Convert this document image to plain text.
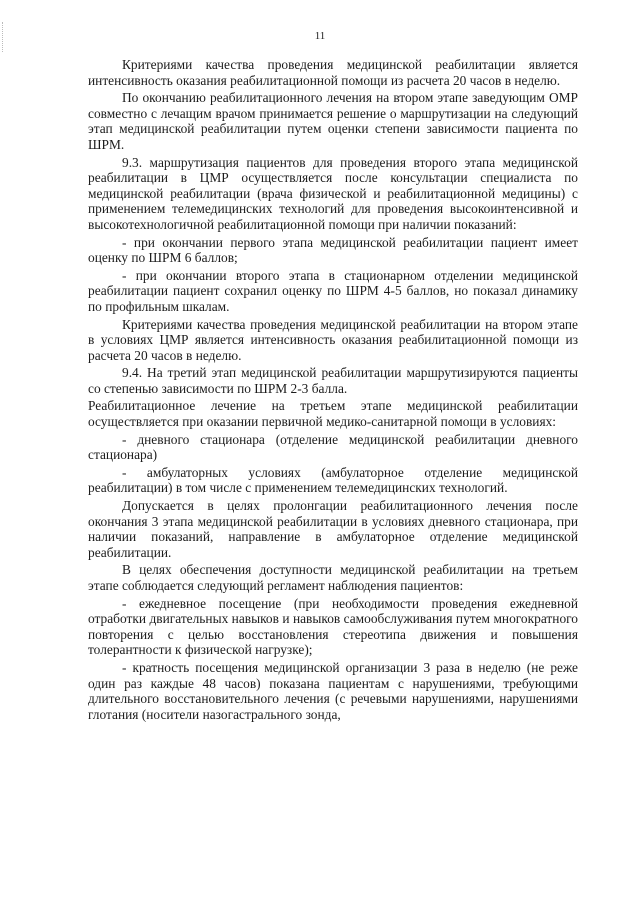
11

Критериями качества проведения медицинской реабилитации является интенсивность оказания реабилитационной помощи из расчета 20 часов в неделю.

По окончанию реабилитационного лечения на втором этапе заведующим ОМР совместно с лечащим врачом принимается решение о маршрутизации на следующий этап медицинской реабилитации путем оценки степени зависимости пациента по ШРМ.

9.3. маршрутизация пациентов для проведения второго этапа медицинской реабилитации в ЦМР осуществляется после консультации специалиста по медицинской реабилитации (врача физической и реабилитационной медицины) с применением телемедицинских технологий для проведения высокоинтенсивной и высокотехнологичной реабилитационной помощи при наличии показаний:

- при окончании первого этапа медицинской реабилитации пациент имеет оценку по ШРМ 6 баллов;

- при окончании второго этапа в стационарном отделении медицинской реабилитации пациент сохранил оценку по ШРМ 4-5 баллов, но показал динамику по профильным шкалам.

Критериями качества проведения медицинской реабилитации на втором этапе в условиях ЦМР является интенсивность оказания реабилитационной помощи из расчета 20 часов в неделю.

9.4. На третий этап медицинской реабилитации маршрутизируются пациенты со степенью зависимости по ШРМ 2-3 балла.

Реабилитационное лечение на третьем этапе медицинской реабилитации осуществляется при оказании первичной медико-санитарной помощи в условиях:

- дневного стационара (отделение медицинской реабилитации дневного стационара)

- амбулаторных условиях (амбулаторное отделение медицинской реабилитации) в том числе с применением телемедицинских технологий.

Допускается в целях пролонгации реабилитационного лечения после окончания 3 этапа медицинской реабилитации в условиях дневного стационара, при наличии показаний, направление в амбулаторное отделение медицинской реабилитации.

В целях обеспечения доступности медицинской реабилитации на третьем этапе соблюдается следующий регламент наблюдения пациентов:

- ежедневное посещение (при необходимости проведения ежедневной отработки двигательных навыков и навыков самообслуживания путем многократного повторения с целью восстановления стереотипа движения и повышения толерантности к физической нагрузке);

- кратность посещения медицинской организации 3 раза в неделю (не реже один раз каждые 48 часов) показана пациентам с нарушениями, требующими длительного восстановительного лечения (с речевыми нарушениями, нарушениями глотания (носители назогастрального зонда,
